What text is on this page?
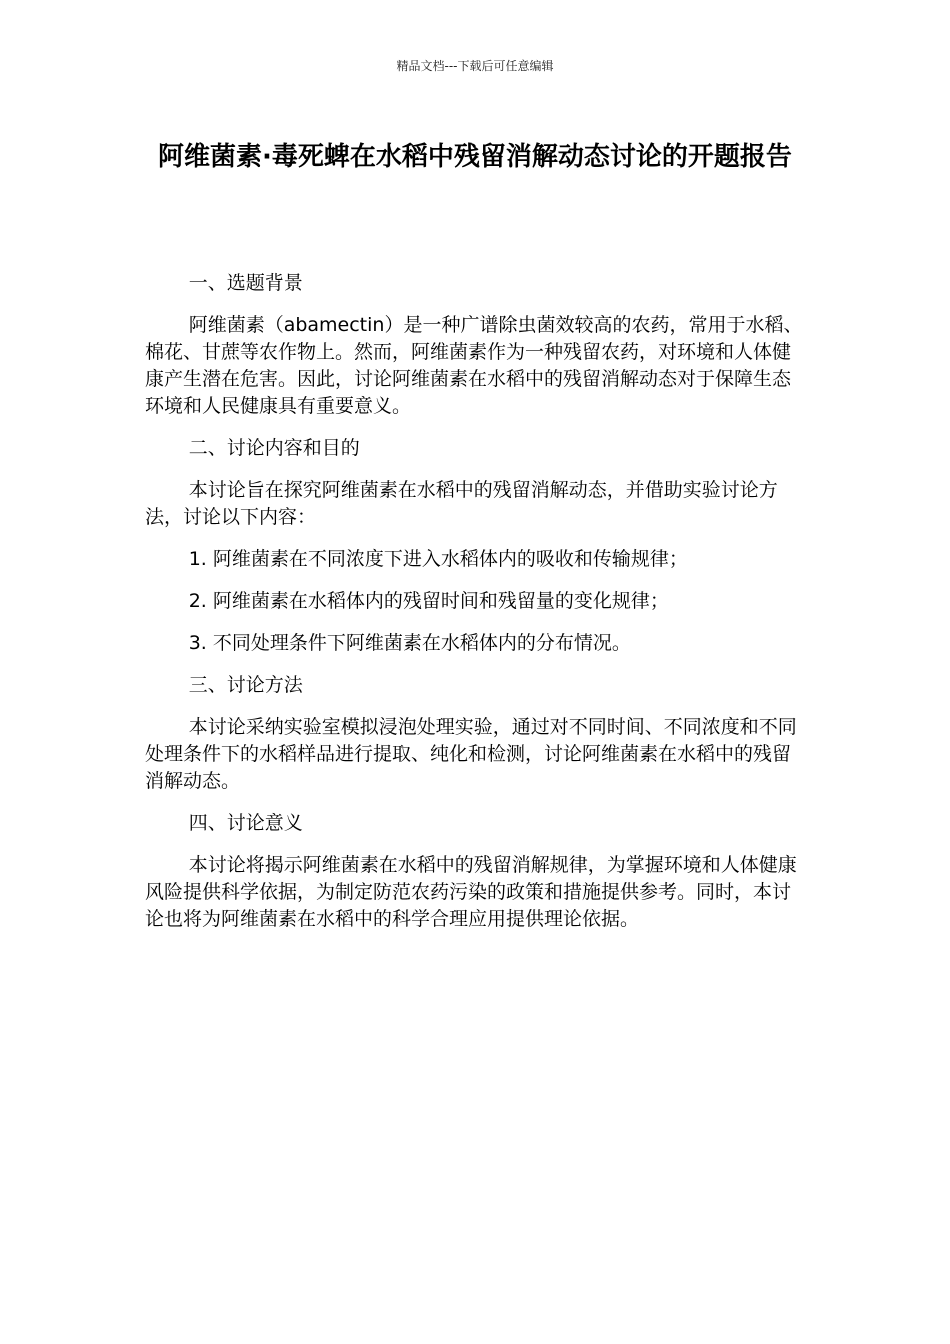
精品文档---下载后可任意编辑
阿维菌素·毒死蜱在水稻中残留消解动态讨论的开题报告

一、选题背景

阿维菌素（abamectin）是一种广谱除虫菌效较高的农药，常用于水稻、棉花、甘蔗等农作物上。然而，阿维菌素作为一种残留农药，对环境和人体健康产生潜在危害。因此，讨论阿维菌素在水稻中的残留消解动态对于保障生态环境和人民健康具有重要意义。

二、讨论内容和目的

本讨论旨在探究阿维菌素在水稻中的残留消解动态，并借助实验讨论方法，讨论以下内容：

1. 阿维菌素在不同浓度下进入水稻体内的吸收和传输规律；

2. 阿维菌素在水稻体内的残留时间和残留量的变化规律；

3. 不同处理条件下阿维菌素在水稻体内的分布情况。

三、讨论方法

本讨论采纳实验室模拟浸泡处理实验，通过对不同时间、不同浓度和不同处理条件下的水稻样品进行提取、纯化和检测，讨论阿维菌素在水稻中的残留消解动态。

四、讨论意义

本讨论将揭示阿维菌素在水稻中的残留消解规律，为掌握环境和人体健康风险提供科学依据，为制定防范农药污染的政策和措施提供参考。同时，本讨论也将为阿维菌素在水稻中的科学合理应用提供理论依据。
